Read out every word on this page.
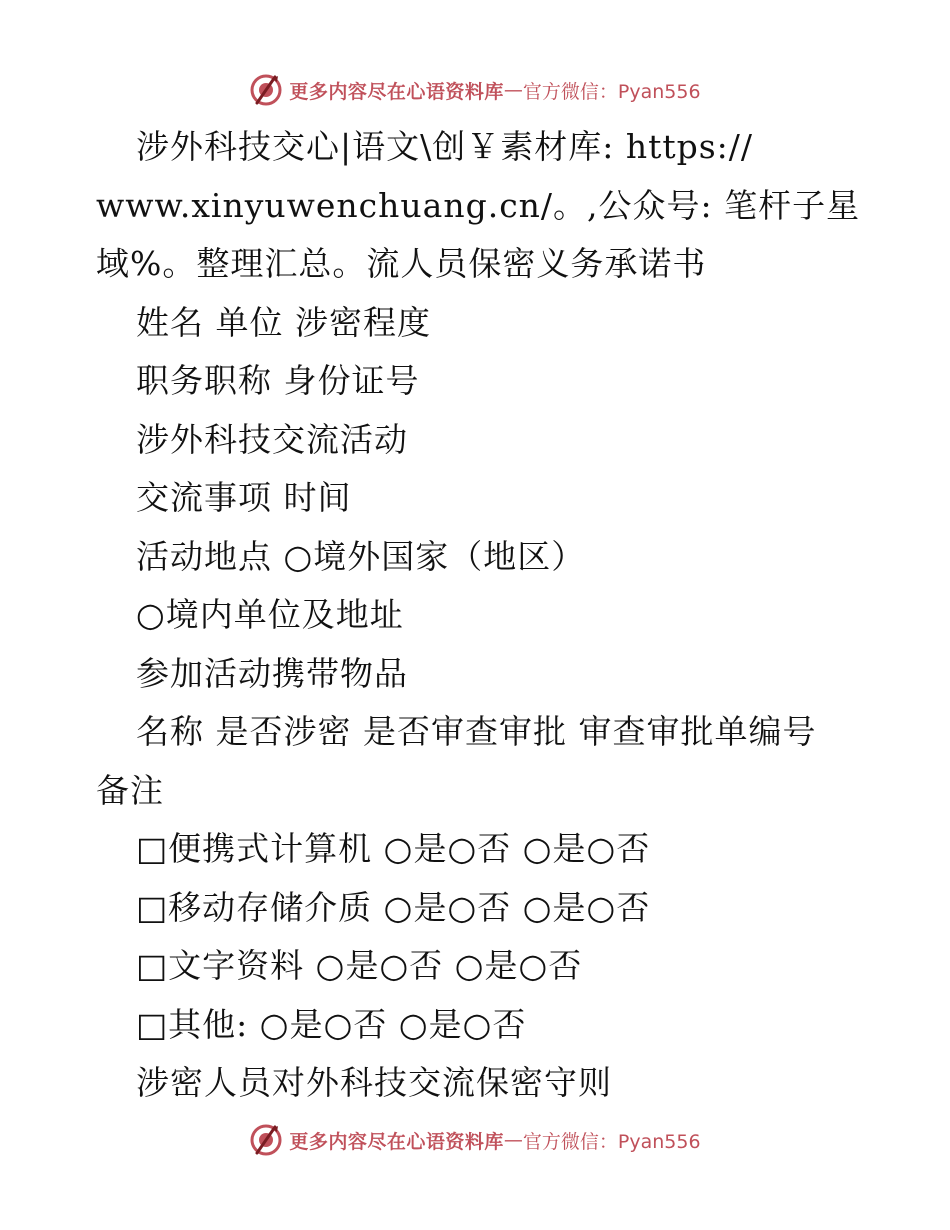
更多内容尽在心语资料库 — 官方微信：Pyan556
涉外科技交心|语文\创￥素材库: https://
www.xinyuwenchuang.cn/。,公众号: 笔杆子星
域%。整理汇总。流人员保密义务承诺书
姓名 单位 涉密程度
职务职称 身份证号
涉外科技交流活动
交流事项 时间
活动地点 ○境外国家（地区）
○境内单位及地址
参加活动携带物品
名称 是否涉密 是否审查审批 审查审批单编号
备注
□便携式计算机 ○是○否 ○是○否
□移动存储介质 ○是○否 ○是○否
□文字资料 ○是○否 ○是○否
□其他: ○是○否 ○是○否
涉密人员对外科技交流保密守则
更多内容尽在心语资料库 — 官方微信：Pyan556
